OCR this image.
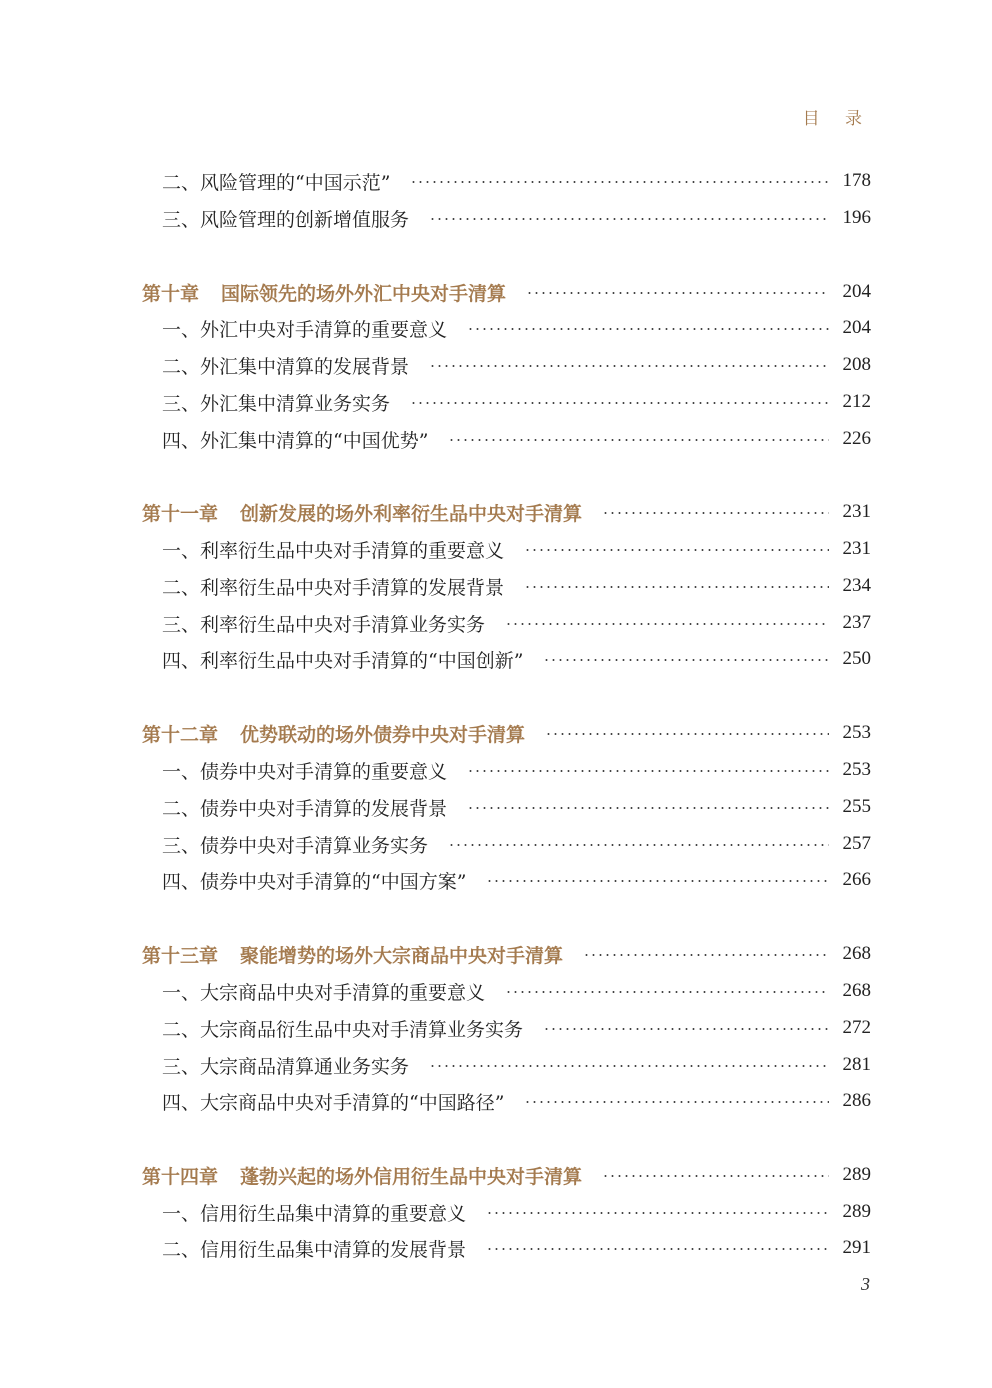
目 录
二、风险管理的“中国示范”	178
三、风险管理的创新增值服务	196
第十章 国际领先的场外外汇中央对手清算	204
一、外汇中央对手清算的重要意义	204
二、外汇集中清算的发展背景	208
三、外汇集中清算业务实务	212
四、外汇集中清算的“中国优势”	226
第十一章 创新发展的场外利率衍生品中央对手清算	231
一、利率衍生品中央对手清算的重要意义	231
二、利率衍生品中央对手清算的发展背景	234
三、利率衍生品中央对手清算业务实务	237
四、利率衍生品中央对手清算的“中国创新”	250
第十二章 优势联动的场外债券中央对手清算	253
一、债券中央对手清算的重要意义	253
二、债券中央对手清算的发展背景	255
三、债券中央对手清算业务实务	257
四、债券中央对手清算的“中国方案”	266
第十三章 聚能增势的场外大宗商品中央对手清算	268
一、大宗商品中央对手清算的重要意义	268
二、大宗商品衍生品中央对手清算业务实务	272
三、大宗商品清算通业务实务	281
四、大宗商品中央对手清算的“中国路径”	286
第十四章 蓬勃兴起的场外信用衍生品中央对手清算	289
一、信用衍生品集中清算的重要意义	289
二、信用衍生品集中清算的发展背景	291
3
